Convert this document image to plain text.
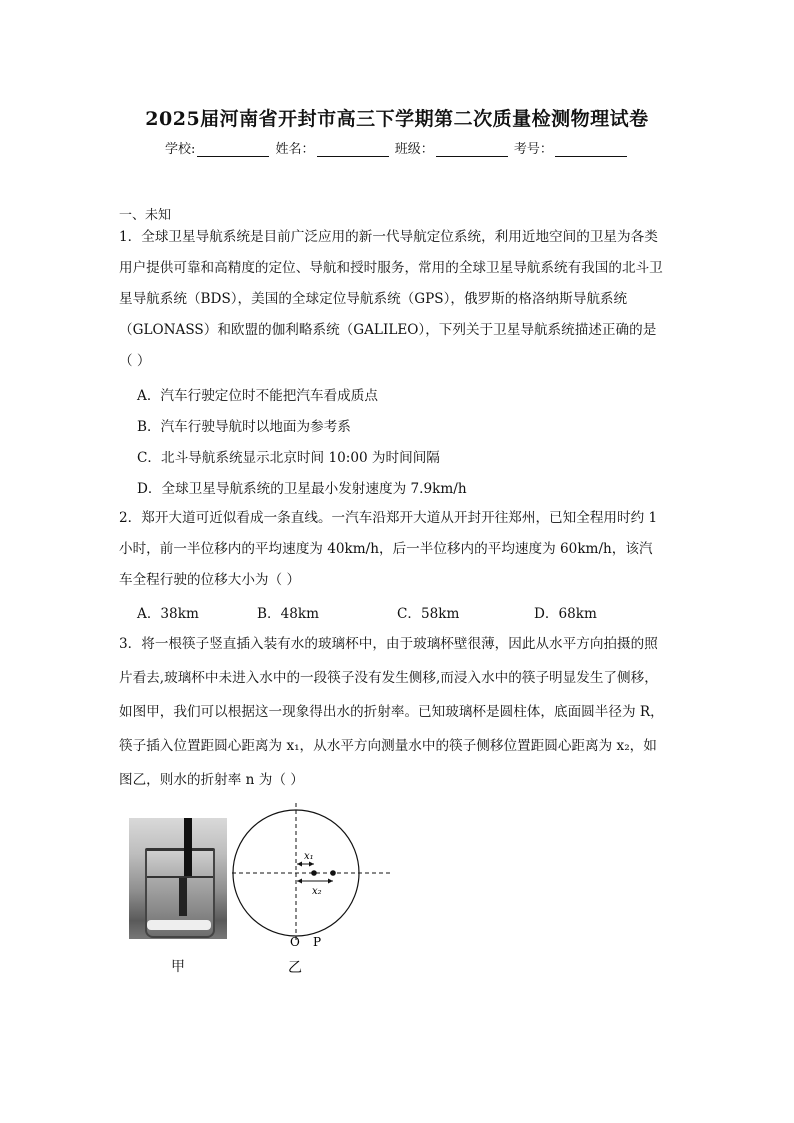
2025届河南省开封市高三下学期第二次质量检测物理试卷
学校:	姓名：	班级：	考号：
一、未知
1．全球卫星导航系统是目前广泛应用的新一代导航定位系统，利用近地空间的卫星为各类
用户提供可靠和高精度的定位、导航和授时服务，常用的全球卫星导航系统有我国的北斗卫
星导航系统（BDS），美国的全球定位导航系统（GPS），俄罗斯的格洛纳斯导航系统
（GLONASS）和欧盟的伽利略系统（GALILEO），下列关于卫星导航系统描述正确的是
（ ）
A．汽车行驶定位时不能把汽车看成质点
B．汽车行驶导航时以地面为参考系
C．北斗导航系统显示北京时间 10:00 为时间间隔
D．全球卫星导航系统的卫星最小发射速度为 7.9km/h
2．郑开大道可近似看成一条直线。一汽车沿郑开大道从开封开往郑州，已知全程用时约 1
小时，前一半位移内的平均速度为 40km/h，后一半位移内的平均速度为 60km/h，该汽
车全程行驶的位移大小为（ ）
A．38km	B．48km	C．58km	D．68km
3．将一根筷子竖直插入装有水的玻璃杯中，由于玻璃杯壁很薄，因此从水平方向拍摄的照
片看去,玻璃杯中未进入水中的一段筷子没有发生侧移,而浸入水中的筷子明显发生了侧移，
如图甲，我们可以根据这一现象得出水的折射率。已知玻璃杯是圆柱体，底面圆半径为 R，
筷子插入位置距圆心距离为 x₁，从水平方向测量水中的筷子侧移位置距圆心距离为 x₂，如
图乙，则水的折射率 n 为（ ）
甲
x₁
x₂
O P
乙
